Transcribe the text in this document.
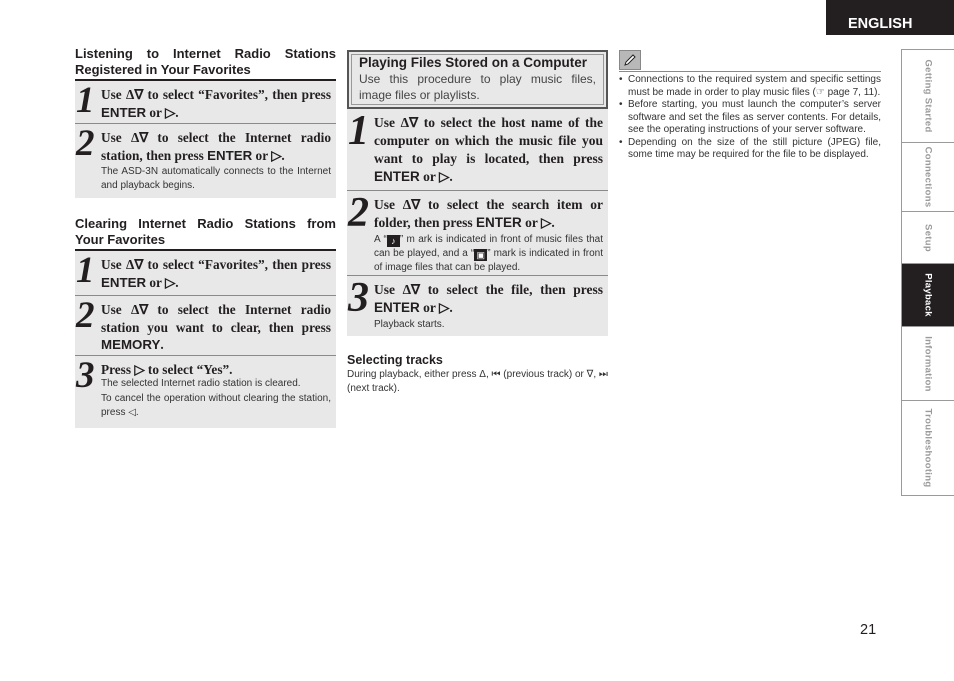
ENGLISH
Listening to Internet Radio Stations
Registered in Your Favorites
1 Use Δ∇ to select “Favorites”, then press ENTER or ▷.
2 Use Δ∇ to select the Internet radio station, then press ENTER or ▷.
The ASD-3N automatically connects to the Internet and playback begins.
Clearing Internet Radio Stations from
Your Favorites
1 Use Δ∇ to select “Favorites”, then press ENTER or ▷.
2 Use Δ∇ to select the Internet radio station you want to clear, then press MEMORY.
3 Press ▷ to select “Yes”.
The selected Internet radio station is cleared.
To cancel the operation without clearing the station, press ◁.
Playing Files Stored on a Computer
Use this procedure to play music files, image files or playlists.
1 Use Δ∇ to select the host name of the computer on which the music file you want to play is located, then press ENTER or ▷.
2 Use Δ∇ to select the search item or folder, then press ENTER or ▷.
A “ ♪ ” m ark is indicated in front of music files that can be played, and a “ ▣ ” mark is indicated in front of image files that can be played.
3 Use Δ∇ to select the file, then press ENTER or ▷.
Playback starts.
Selecting tracks
During playback, either press Δ, ⏮ (previous track) or ∇, ⏭ (next track).
• Connections to the required system and specific settings must be made in order to play music files (☞ page 7, 11).
• Before starting, you must launch the computer’s server software and set the files as server contents. For details, see the operating instructions of your server software.
• Depending on the size of the still picture (JPEG) file, some time may be required for the file to be displayed.
Getting Started
Connections
Setup
Playback
Information
Troubleshooting
21
